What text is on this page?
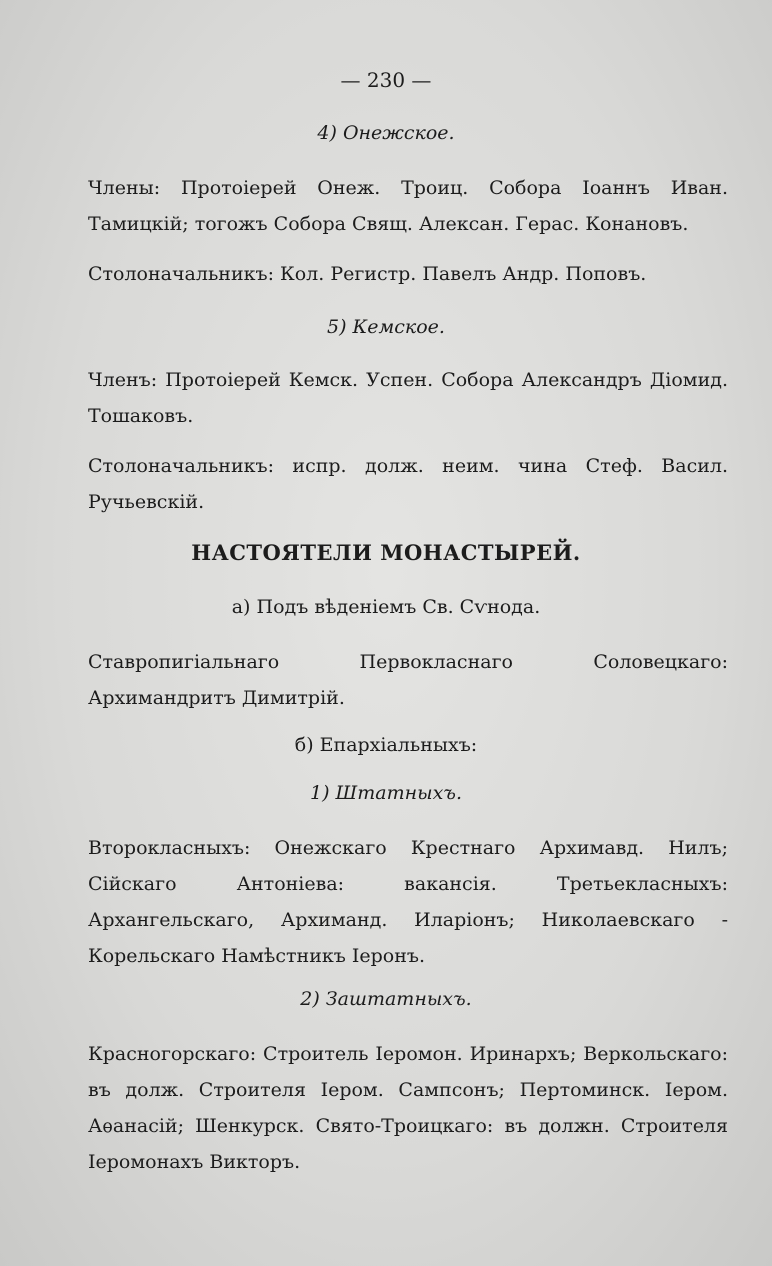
— 230 —
4) Онежское.
Члены: Протоіерей Онеж. Троиц. Собора Іоаннъ Иван. Тамицкій; тогожъ Собора Свящ. Алексан. Герас. Конановъ.
Столоначальникъ: Кол. Регистр. Павелъ Андр. Поповъ.
5) Кемское.
Членъ: Протоіерей Кемск. Успен. Собора Александръ Діомид. Тошаковъ.
Столоначальникъ: испр. долж. неим. чина Стеф. Васил. Ручьевскій.
НАСТОЯТЕЛИ МОНАСТЫРЕЙ.
а) Подъ вѣденіемъ Св. Сѵнода.
Ставропигіальнаго Первокласнаго Соловецкаго: Архимандритъ Димитрій.
б) Епархіальныхъ:
1) Штатныхъ.
Второкласныхъ: Онежскаго Крестнаго Архимавд. Нилъ; Сійскаго Антоніева: вакансія. Третьекласныхъ: Архангельскаго, Архиманд. Иларіонъ; Николаевскаго - Корельскаго Намѣстникъ Іеронъ.
2) Заштатныхъ.
Красногорскаго: Строитель Іеромон. Иринархъ; Веркольскаго: въ долж. Строителя Іером. Сампсонъ; Пертоминск. Іером. Аѳанасій; Шенкурск. Свято-Троицкаго: въ должн. Строителя Іеромонахъ Викторъ.
